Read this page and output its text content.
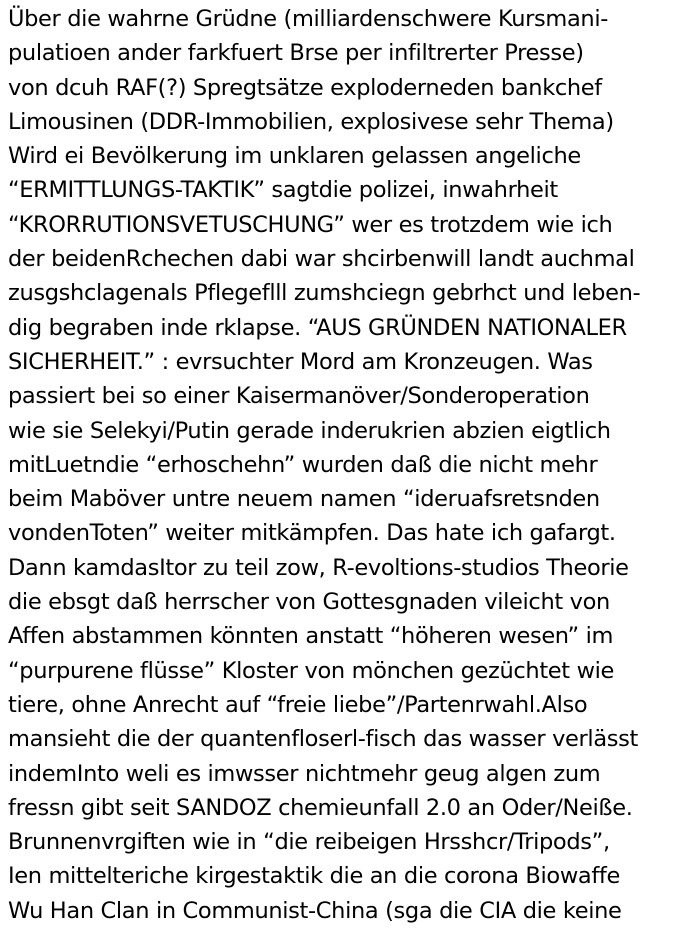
Über die wahrne Grüdne (milliardenschwere Kursmani-
pulatioen ander farkfuert Brse per infiltrerter Presse)
von dcuh RAF(?) Spregtsätze exploderneden bankchef
Limousinen (DDR-Immobilien, explosivese sehr Thema)
Wird ei Bevölkerung im unklaren gelassen angeliche
“ERMITTLUNGS-TAKTIK” sagtdie polizei, inwahrheit
“KRORRUTIONSVETUSCHUNG” wer es trotzdem wie ich
der beidenRchechen dabi war shcirbenwill landt auchmal
zusgshclagenals Pflegeflll zumshciegn gebrhct und leben-
dig begraben inde rklapse. “AUS GRÜNDEN NATIONALER
SICHERHEIT.” : evrsuchter Mord am Kronzeugen. Was
passiert bei so einer Kaisermanöver/Sonderoperation
wie sie Selekyi/Putin gerade inderukrien abzien eigtlich
mitLuetndie “erhoschehn” wurden daß die nicht mehr
beim Maböver untre neuem namen “ideruafsretsnden
vondenToten” weiter mitkämpfen. Das hate ich gafargt.
Dann kamdasItor zu teil zow, R-evoltions-studios Theorie
die ebsgt daß herrscher von Gottesgnaden vileicht von
Affen abstammen könnten anstatt “höheren wesen” im
“purpurene flüsse” Kloster von mönchen gezüchtet wie
tiere, ohne Anrecht auf “freie liebe”/Partenrwahl.Also
mansieht die der quantenfloserl-fisch das wasser verlässt
indemInto weli es imwsser nichtmehr geug algen zum
fressn gibt seit SANDOZ chemieunfall 2.0 an Oder/Neiße.
Brunnenvrgiften wie in “die reibeigen Hrsshcr/Tripods”,
Ien mittelteriche kirgestaktik die an die corona Biowaffe
Wu Han Clan in Communist-China (sga die CIA die keine
